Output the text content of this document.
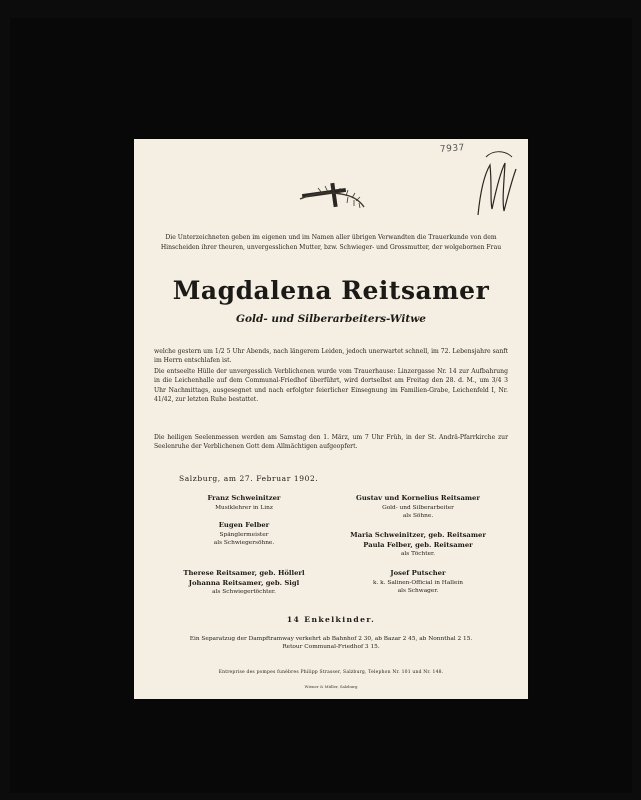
7937

Die Unterzeichneten geben im eigenen und im Namen aller übrigen Verwandten die Trauerkunde von dem Hinscheiden ihrer theuren, unvergesslichen Mutter, bzw. Schwieger- und Grossmutter, der wolgebornen Frau

Magdalena Reitsamer
Gold- und Silberarbeiters-Witwe

welche gestern um 1/2 5 Uhr Abends, nach längerem Leiden, jedoch unerwartet schnell, im 72. Lebensjahre sanft im Herrn entschlafen ist.

Die entseelte Hülle der unvergesslich Verblichenen wurde vom Trauerhause: Linzergasse Nr. 14 zur Aufbahrung in die Leichenhalle auf dem Communal-Friedhof überführt, wird dortselbst am Freitag den 28. d. M., um 3/4 3 Uhr Nachmittags, ausgesegnet und nach erfolgter feierlicher Einsegnung im Familien-Grabe, Leichenfeld I, Nr. 41/42, zur letzten Ruhe bestattet.

Die heiligen Seelenmessen werden am Samstag den 1. März, um 7 Uhr Früh, in der St. Andrä-Pfarrkirche zur Seelenruhe der Verblichenen Gott dem Allmächtigen aufgeopfert.

Salzburg, am 27. Februar 1902.

Franz Schweinitzer
Musiklehrer in Linz
Eugen Felber
Spänglermeister
als Schwiegersöhne.
Gustav und Kornelius Reitsamer
Gold- und Silberarbeiter
als Söhne.
Maria Schweinitzer, geb. Reitsamer
Paula Felber, geb. Reitsamer
als Töchter.
Therese Reitsamer, geb. Höllerl
Johanna Reitsamer, geb. Sigl
als Schwiegertöchter.
Josef Putscher
k. k. Salinen-Official in Hallein
als Schwager.

14 Enkelkinder.

Ein Separatzug der Dampftramway verkehrt ab Bahnhof 2 30, ab Bazar 2 45, ab Nonnthal 2 15.
Retour Communal-Friedhof 3 15.

Entreprise des pompes funèbres Philipp Strasser, Salzburg, Telephon Nr. 101 und Nr. 148.

Wiener & Müller, Salzburg
